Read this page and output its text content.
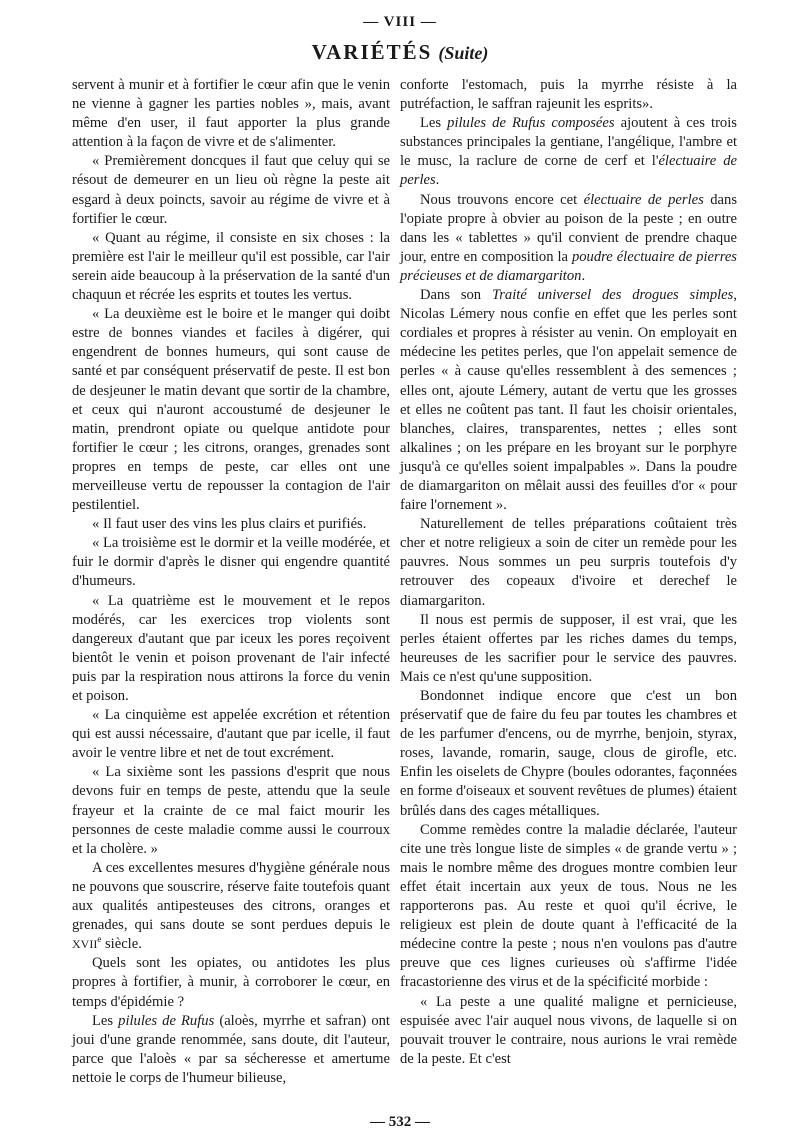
— VIII —
VARIÉTÉS (Suite)

servent à munir et à fortifier le cœur afin que le venin ne vienne à gagner les parties nobles », mais, avant même d'en user, il faut apporter la plus grande attention à la façon de vivre et de s'alimenter.

« Premièrement doncques il faut que celuy qui se résout de demeurer en un lieu où règne la peste ait esgard à deux poincts, savoir au régime de vivre et à fortifier le cœur.

« Quant au régime, il consiste en six choses : la première est l'air le meilleur qu'il est possible, car l'air serein aide beaucoup à la préservation de la santé d'un chaquun et récrée les esprits et toutes les vertus.

« La deuxième est le boire et le manger qui doibt estre de bonnes viandes et faciles à digérer, qui engendrent de bonnes humeurs, qui sont cause de santé et par conséquent préservatif de peste. Il est bon de desjeuner le matin devant que sortir de la chambre, et ceux qui n'auront accoustumé de desjeuner le matin, prendront opiate ou quelque antidote pour fortifier le cœur ; les citrons, oranges, grenades sont propres en temps de peste, car elles ont une merveilleuse vertu de repousser la contagion de l'air pestilentiel.

« Il faut user des vins les plus clairs et purifiés.

« La troisième est le dormir et la veille modérée, et fuir le dormir d'après le disner qui engendre quantité d'humeurs.

« La quatrième est le mouvement et le repos modérés, car les exercices trop violents sont dangereux d'autant que par iceux les pores reçoivent bientôt le venin et poison provenant de l'air infecté puis par la respiration nous attirons la force du venin et poison.

« La cinquième est appelée excrétion et rétention qui est aussi nécessaire, d'autant que par icelle, il faut avoir le ventre libre et net de tout excrément.

« La sixième sont les passions d'esprit que nous devons fuir en temps de peste, attendu que la seule frayeur et la crainte de ce mal faict mourir les personnes de ceste maladie comme aussi le courroux et la cholère. »

A ces excellentes mesures d'hygiène générale nous ne pouvons que souscrire, réserve faite toutefois quant aux qualités antipesteuses des citrons, oranges et grenades, qui sans doute se sont perdues depuis le XVIIe siècle.

Quels sont les opiates, ou antidotes les plus propres à fortifier, à munir, à corroborer le cœur, en temps d'épidémie ?

Les pilules de Rufus (aloès, myrrhe et safran) ont joui d'une grande renommée, sans doute, dit l'auteur, parce que l'aloès « par sa sécheresse et amertume nettoie le corps de l'humeur bilieuse,

conforte l'estomach, puis la myrrhe résiste à la putréfaction, le saffran rajeunit les esprits».

Les pilules de Rufus composées ajoutent à ces trois substances principales la gentiane, l'angélique, l'ambre et le musc, la raclure de corne de cerf et l'électuaire de perles.

Nous trouvons encore cet électuaire de perles dans l'opiate propre à obvier au poison de la peste ; en outre dans les « tablettes » qu'il convient de prendre chaque jour, entre en composition la poudre électuaire de pierres précieuses et de diamargariton.

Dans son Traité universel des drogues simples, Nicolas Lémery nous confie en effet que les perles sont cordiales et propres à résister au venin. On employait en médecine les petites perles, que l'on appelait semence de perles « à cause qu'elles ressemblent à des semences ; elles ont, ajoute Lémery, autant de vertu que les grosses et elles ne coûtent pas tant. Il faut les choisir orientales, blanches, claires, transparentes, nettes ; elles sont alkalines ; on les prépare en les broyant sur le porphyre jusqu'à ce qu'elles soient impalpables ». Dans la poudre de diamargariton on mêlait aussi des feuilles d'or « pour faire l'ornement ».

Naturellement de telles préparations coûtaient très cher et notre religieux a soin de citer un remède pour les pauvres. Nous sommes un peu surpris toutefois d'y retrouver des copeaux d'ivoire et derechef le diamargariton.

Il nous est permis de supposer, il est vrai, que les perles étaient offertes par les riches dames du temps, heureuses de les sacrifier pour le service des pauvres. Mais ce n'est qu'une supposition.

Bondonnet indique encore que c'est un bon préservatif que de faire du feu par toutes les chambres et de les parfumer d'encens, ou de myrrhe, benjoin, styrax, roses, lavande, romarin, sauge, clous de girofle, etc. Enfin les oiselets de Chypre (boules odorantes, façonnées en forme d'oiseaux et souvent revêtues de plumes) étaient brûlés dans des cages métalliques.

Comme remèdes contre la maladie déclarée, l'auteur cite une très longue liste de simples « de grande vertu » ; mais le nombre même des drogues montre combien leur effet était incertain aux yeux de tous. Nous ne les rapporterons pas. Au reste et quoi qu'il écrive, le religieux est plein de doute quant à l'efficacité de la médecine contre la peste ; nous n'en voulons pas d'autre preuve que ces lignes curieuses où s'affirme l'idée fracastorienne des virus et de la spécificité morbide :

« La peste a une qualité maligne et pernicieuse, espuisée avec l'air auquel nous vivons, de laquelle si on pouvait trouver le contraire, nous aurions le vrai remède de la peste. Et c'est

— 532 —
